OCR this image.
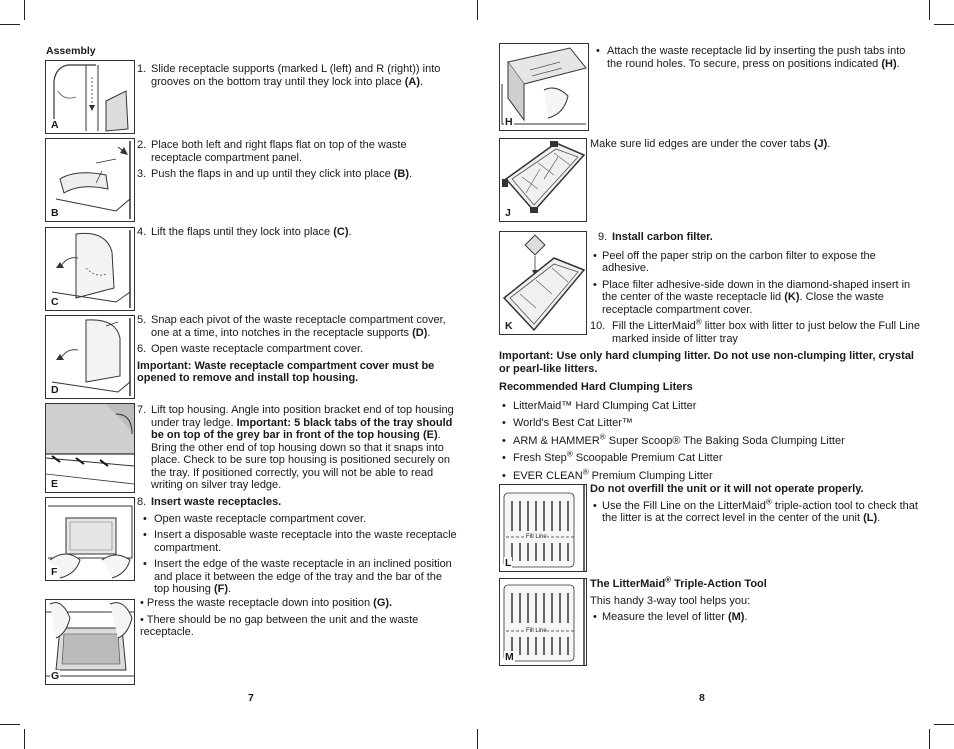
Assembly
A
1. Slide receptacle supports (marked L (left) and R (right)) into grooves on the bottom tray until they lock into place (A).
B
2. Place both left and right flaps flat on top of the waste receptacle compartment panel.
3. Push the flaps in and up until they click into place (B).
C
4. Lift the flaps until they lock into place (C).
D
5. Snap each pivot of the waste receptacle compartment cover, one at a time, into notches in the receptacle supports (D).
6. Open waste receptacle compartment cover.
Important: Waste receptacle compartment cover must be opened to remove and install top housing.
E
7. Lift top housing. Angle into position bracket end of top housing under tray ledge. Important: 5 black tabs of the tray should be on top of the grey bar in front of the top housing (E). Bring the other end of top housing down so that it snaps into place. Check to be sure top housing is positioned securely on the tray. If positioned correctly, you will not be able to read writing on silver tray ledge.
F
8. Insert waste receptacles.
• Open waste receptacle compartment cover.
• Insert a disposable waste receptacle into the waste receptacle compartment.
• Insert the edge of the waste receptacle in an inclined position and place it between the edge of the tray and the bar of the top housing (F).
G
• Press the waste receptacle down into position (G).
• There should be no gap between the unit and the waste receptacle.
7
H
• Attach the waste receptacle lid by inserting the push tabs into the round holes. To secure, press on positions indicated (H).
J
Make sure lid edges are under the cover tabs (J).
K
9. Install carbon filter.
• Peel off the paper strip on the carbon filter to expose the adhesive.
• Place filter adhesive-side down in the diamond-shaped insert in the center of the waste receptacle lid (K). Close the waste receptacle compartment cover.
10. Fill the LitterMaid® litter box with litter to just below the Full Line marked inside of litter tray
Important: Use only hard clumping litter. Do not use non-clumping litter, crystal or pearl-like litters.
Recommended Hard Clumping Liters
• LitterMaid™ Hard Clumping Cat Litter
• World's Best Cat Litter™
• ARM & HAMMER® Super Scoop® The Baking Soda Clumping Litter
• Fresh Step® Scoopable Premium Cat Litter
• EVER CLEAN® Premium Clumping Litter
Fill Line
L
Do not overfill the unit or it will not operate properly.
• Use the Fill Line on the LitterMaid® triple-action tool to check that the litter is at the correct level in the center of the unit (L).
Fill Line
M
The LitterMaid® Triple-Action Tool
This handy 3-way tool helps you:
• Measure the level of litter (M).
8
